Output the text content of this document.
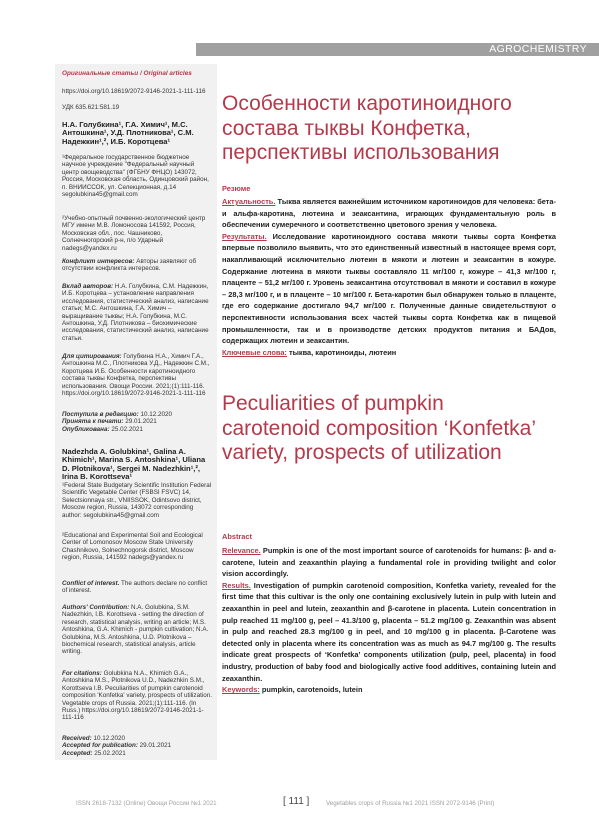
AGROCHEMISTRY
Оригинальные статьи / Original articles
https://doi.org/10.18619/2072-9146-2021-1-111-116
УДК 635.621:581.19
Н.А. Голубкина¹, Г.А. Химич¹, М.С. Антошкина¹, У.Д. Плотникова¹, С.М. Надежкин¹,², И.Б. Коротцева¹
¹Федеральное государственное бюджетное научное учреждение "Федеральный научный центр овощеводства" (ФГБНУ ФНЦО) 143072, Россия, Московская область, Одинцовский район, п. ВНИИССОК, ул. Селекционная, д.14 segolubkina45@gmail.com
²Учебно-опытный почвенно-экологический центр МГУ имени М.В. Ломоносова 141592, Россия, Московская обл., пос. Чашниково, Солнечногорский р-н, п/о Ударный nadegs@yandex.ru
Конфликт интересов: Авторы заявляют об отсутствии конфликта интересов.
Вклад авторов: Н.А. Голубкина, С.М. Надежкин, И.Б. Коротцева – установление направления исследования, статистический анализ, написание статьи; М.С. Антошкина, Г.А. Химич – выращивание тыквы; Н.А. Голубкина, М.С. Антошкина, У.Д. Плотникова – биохимические исследования, статистический анализ, написание статьи.
Для цитирования: Голубкина Н.А., Химич Г.А., Антошкина М.С., Плотникова У.Д., Надежкин С.М., Коротцева И.Б. Особенности каротиноидного состава тыквы Конфетка, перспективы использования. Овощи России. 2021;(1):111-116. https://doi.org/10.18619/2072-9146-2021-1-111-116
Поступила в редакцию: 10.12.2020
Принята к печати: 29.01.2021
Опубликована: 25.02.2021
Nadezhda A. Golubkina¹, Galina A. Khimich¹, Marina S. Antoshkina¹, Uliana D. Plotnikova¹, Sergei M. Nadezhkin¹,², Irina B. Korottseva¹
¹Federal State Budgetary Scientific Institution Federal Scientific Vegetable Center (FSBSI FSVC) 14, Selectsionnaya str., VNIISSOK, Odintsovo district, Moscow region, Russia, 143072 corresponding author: segolubkina45@gmail.com
²Educational and Experimental Soil and Ecological Center of Lomonosov Moscow State University Chashnikovo, Solnechnogorsk district, Moscow region, Russia, 141592 nadegs@yandex.ru
Conflict of interest. The authors declare no conflict of interest.
Authors' Contribution: N.A. Golubkina, S.M. Nadezhkin, I.B. Korottseva - setting the direction of research, statistical analysis, writing an article; M.S. Antoshkina, G.A. Khimich - pumpkin cultivation; N.A. Golubkina, M.S. Antoshkina, U.D. Plotnikova – biochemical research, statistical analysis, article writing.
For citations: Golubkina N.A., Khimich G.A., Antoshkina M.S., Plotnikova U.D., Nadezhkin S.M., Korottseva I.B. Peculiarities of pumpkin carotenoid composition 'Konfetka' variety, prospects of utilization. Vegetable crops of Russia. 2021;(1):111-116. (In Russ.) https://doi.org/10.18619/2072-9146-2021-1-111-116
Received: 10.12.2020
Accepted for publication: 29.01.2021
Accepted: 25.02.2021
Особенности каротиноидного состава тыквы Конфетка, перспективы использования
Резюме

Актуальность. Тыква является важнейшим источником каротиноидов для человека: бета- и альфа-каротина, лютеина и зеаксантина, играющих фундаментальную роль в обеспечении сумеречного и соответственно цветового зрения у человека.

Результаты. Исследование каротиноидного состава мякоти тыквы сорта Конфетка впервые позволило выявить, что это единственный известный в настоящее время сорт, накапливающий исключительно лютеин в мякоти и лютеин и зеаксантин в кожуре. Содержание лютеина в мякоти тыквы составляло 11 мг/100 г, кожуре – 41,3 мг/100 г, плаценте – 51,2 мг/100 г. Уровень зеаксантина отсутствовал в мякоти и составил в кожуре – 28,3 мг/100 г, и в плаценте – 10 мг/100 г. Бета-каротин был обнаружен только в плаценте, где его содержание достигало 94,7 мг/100 г. Полученные данные свидетельствуют о перспективности использования всех частей тыквы сорта Конфетка как в пищевой промышленности, так и в производстве детских продуктов питания и БАДов, содержащих лютеин и зеаксантин.

Ключевые слова: тыква, каротиноиды, лютеин

Peculiarities of pumpkin carotenoid composition ‘Konfetka’ variety, prospects of utilization
Abstract

Relevance. Pumpkin is one of the most important source of carotenoids for humans: β- and α-carotene, lutein and zeaxanthin playing a fundamental role in providing twilight and color vision accordingly.

Results. Investigation of pumpkin carotenoid composition, Konfetka variety, revealed for the first time that this cultivar is the only one containing exclusively lutein in pulp with lutein and zeaxanthin in peel and lutein, zeaxanthin and β-carotene in placenta. Lutein concentration in pulp reached 11 mg/100 g, peel – 41.3/100 g, placenta – 51.2 mg/100 g. Zeaxanthin was absent in pulp and reached 28.3 mg/100 g in peel, and 10 mg/100 g in placenta. β-Carotene was detected only in placenta where its concentration was as much as 94.7 mg/100 g. The results indicate great prospects of ‘Konfetka’ components utilization (pulp, peel, placenta) in food industry, production of baby food and biologically active food additives, containing lutein and zeaxanthin.

Keywords: pumpkin, carotenoids, lutein

ISSN 2618-7132 (Online) Овощи России №1 2021	[ 111 ]	Vegetables crops of Russia №1 2021 ISSN 2072-9146 (Print)
